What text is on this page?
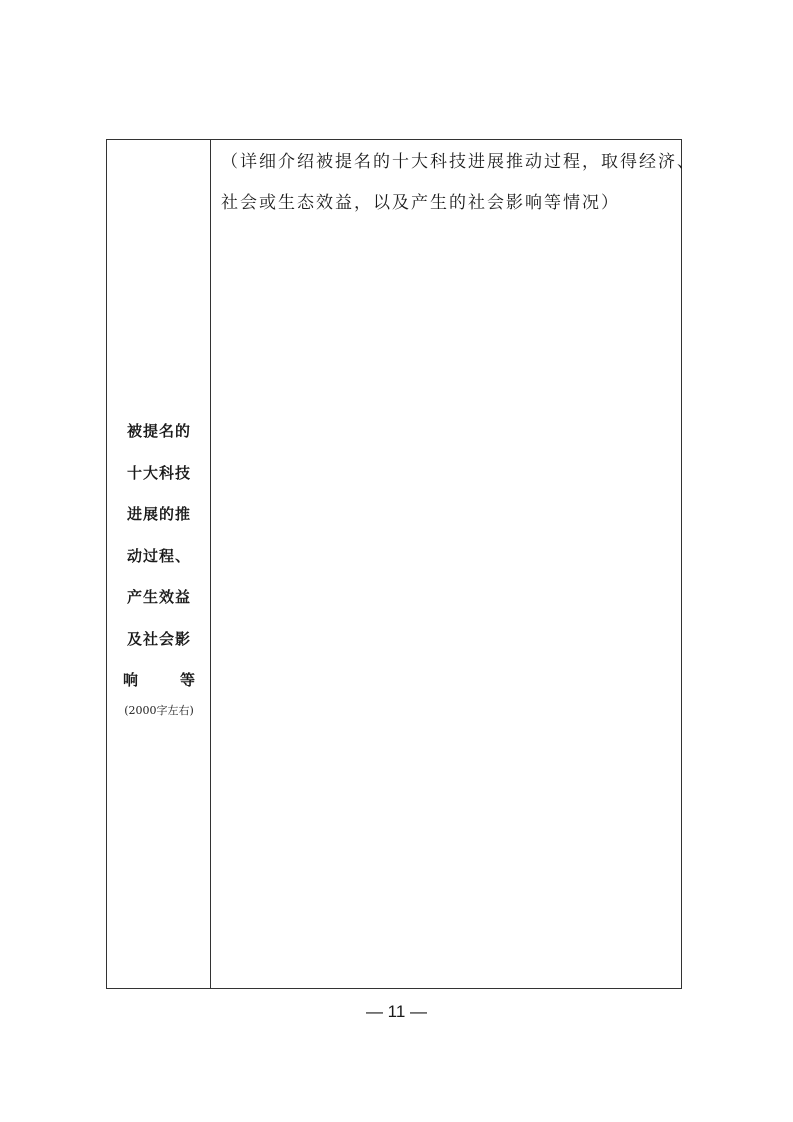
被提名的
十大科技
进展的推
动过程、
产生效益
及社会影
响	等
(2000字左右)
（详细介绍被提名的十大科技进展推动过程，取得经济、
社会或生态效益，以及产生的社会影响等情况）
— 11 —
